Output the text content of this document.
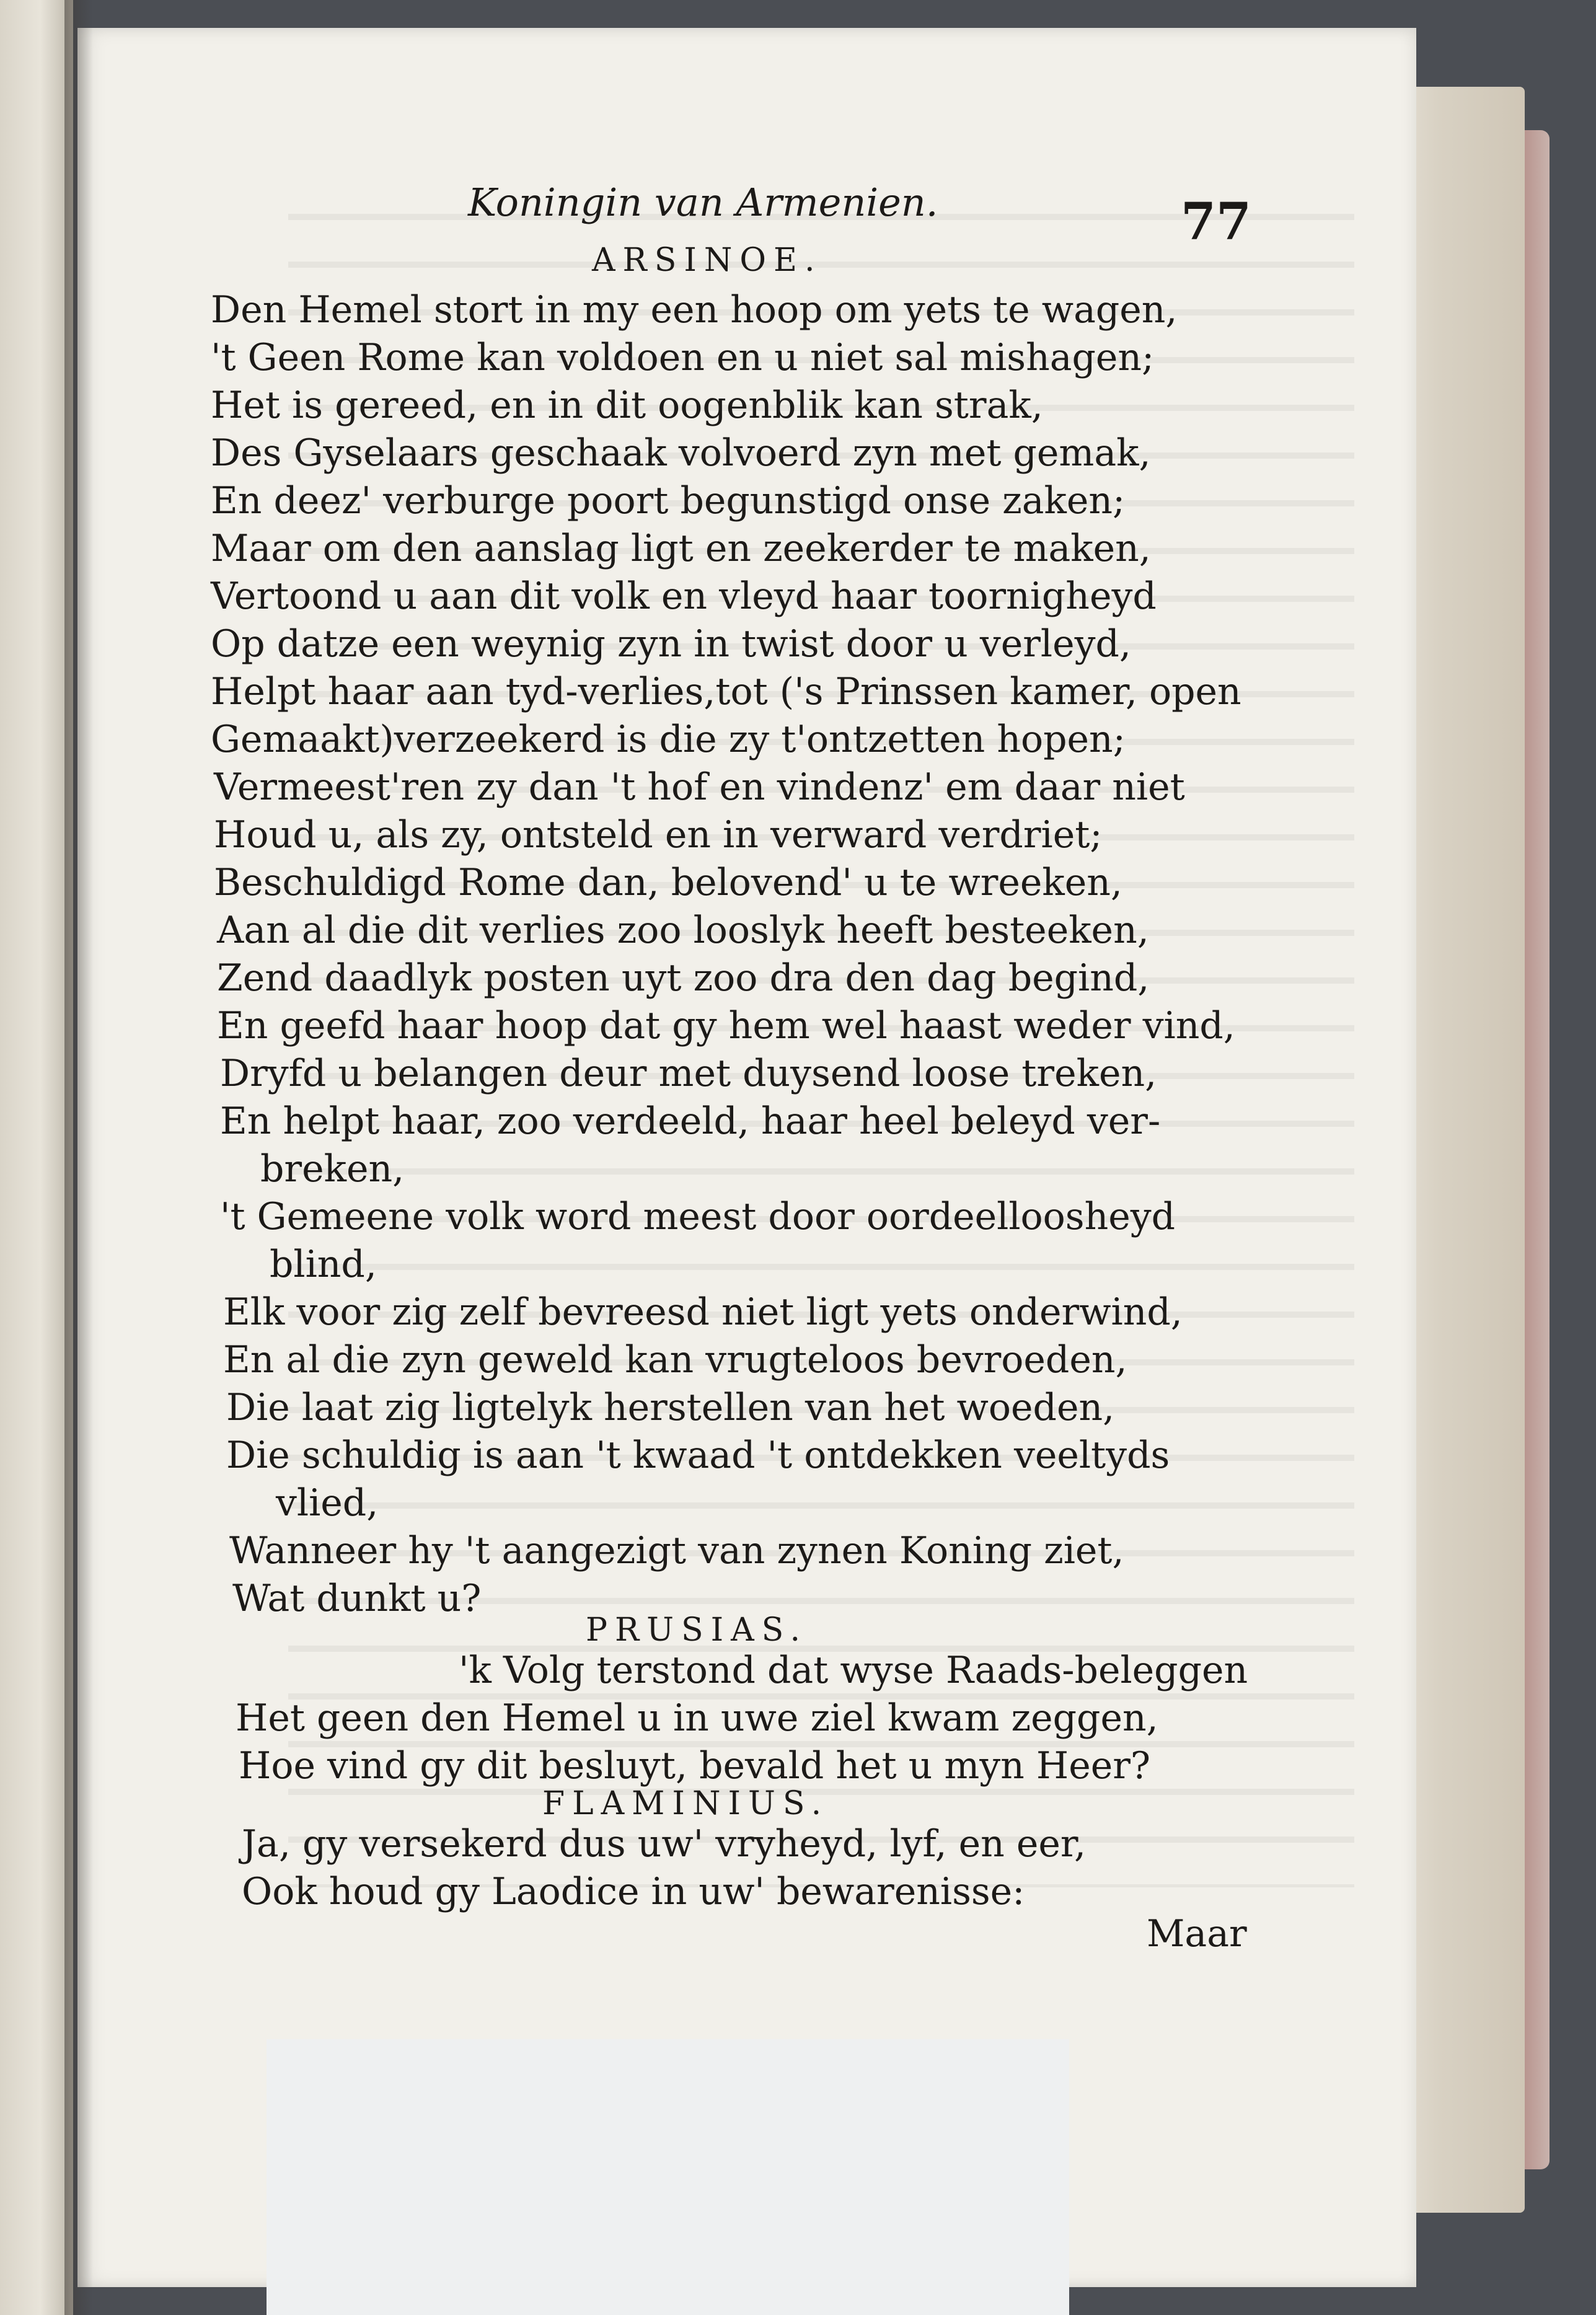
Koningin van Armenien.	77
ARSINOE.
Den Hemel stort in my een hoop om yets te wagen,
't Geen Rome kan voldoen en u niet sal mishagen;
Het is gereed, en in dit oogenblik kan strak,
Des Gyselaars geschaak volvoerd zyn met gemak,
En deez' verburge poort begunstigd onse zaken;
Maar om den aanslag ligt en zeekerder te maken,
Vertoond u aan dit volk en vleyd haar toornigheyd
Op datze een weynig zyn in twist door u verleyd,
Helpt haar aan tyd-verlies,tot ('s Prinssen kamer, open
Gemaakt)verzeekerd is die zy t'ontzetten hopen;
Vermeest'ren zy dan 't hof en vindenz' em daar niet
Houd u, als zy, ontsteld en in verward verdriet;
Beschuldigd Rome dan, belovend' u te wreeken,
Aan al die dit verlies zoo looslyk heeft besteeken,
Zend daadlyk posten uyt zoo dra den dag begind,
En geefd haar hoop dat gy hem wel haast weder vind,
Dryfd u belangen deur met duysend loose treken,
En helpt haar, zoo verdeeld, haar heel beleyd ver-
breken,
't Gemeene volk word meest door oordeelloosheyd
blind,
Elk voor zig zelf bevreesd niet ligt yets onderwind,
En al die zyn geweld kan vrugteloos bevroeden,
Die laat zig ligtelyk herstellen van het woeden,
Die schuldig is aan 't kwaad 't ontdekken veeltyds
vlied,
Wanneer hy 't aangezigt van zynen Koning ziet,
Wat dunkt u?
PRUSIAS.
'k Volg terstond dat wyse Raads-beleggen
Het geen den Hemel u in uwe ziel kwam zeggen,
Hoe vind gy dit besluyt, bevald het u myn Heer?
FLAMINIUS.
Ja, gy versekerd dus uw' vryheyd, lyf, en eer,
Ook houd gy Laodice in uw' bewarenisse:
Maar
